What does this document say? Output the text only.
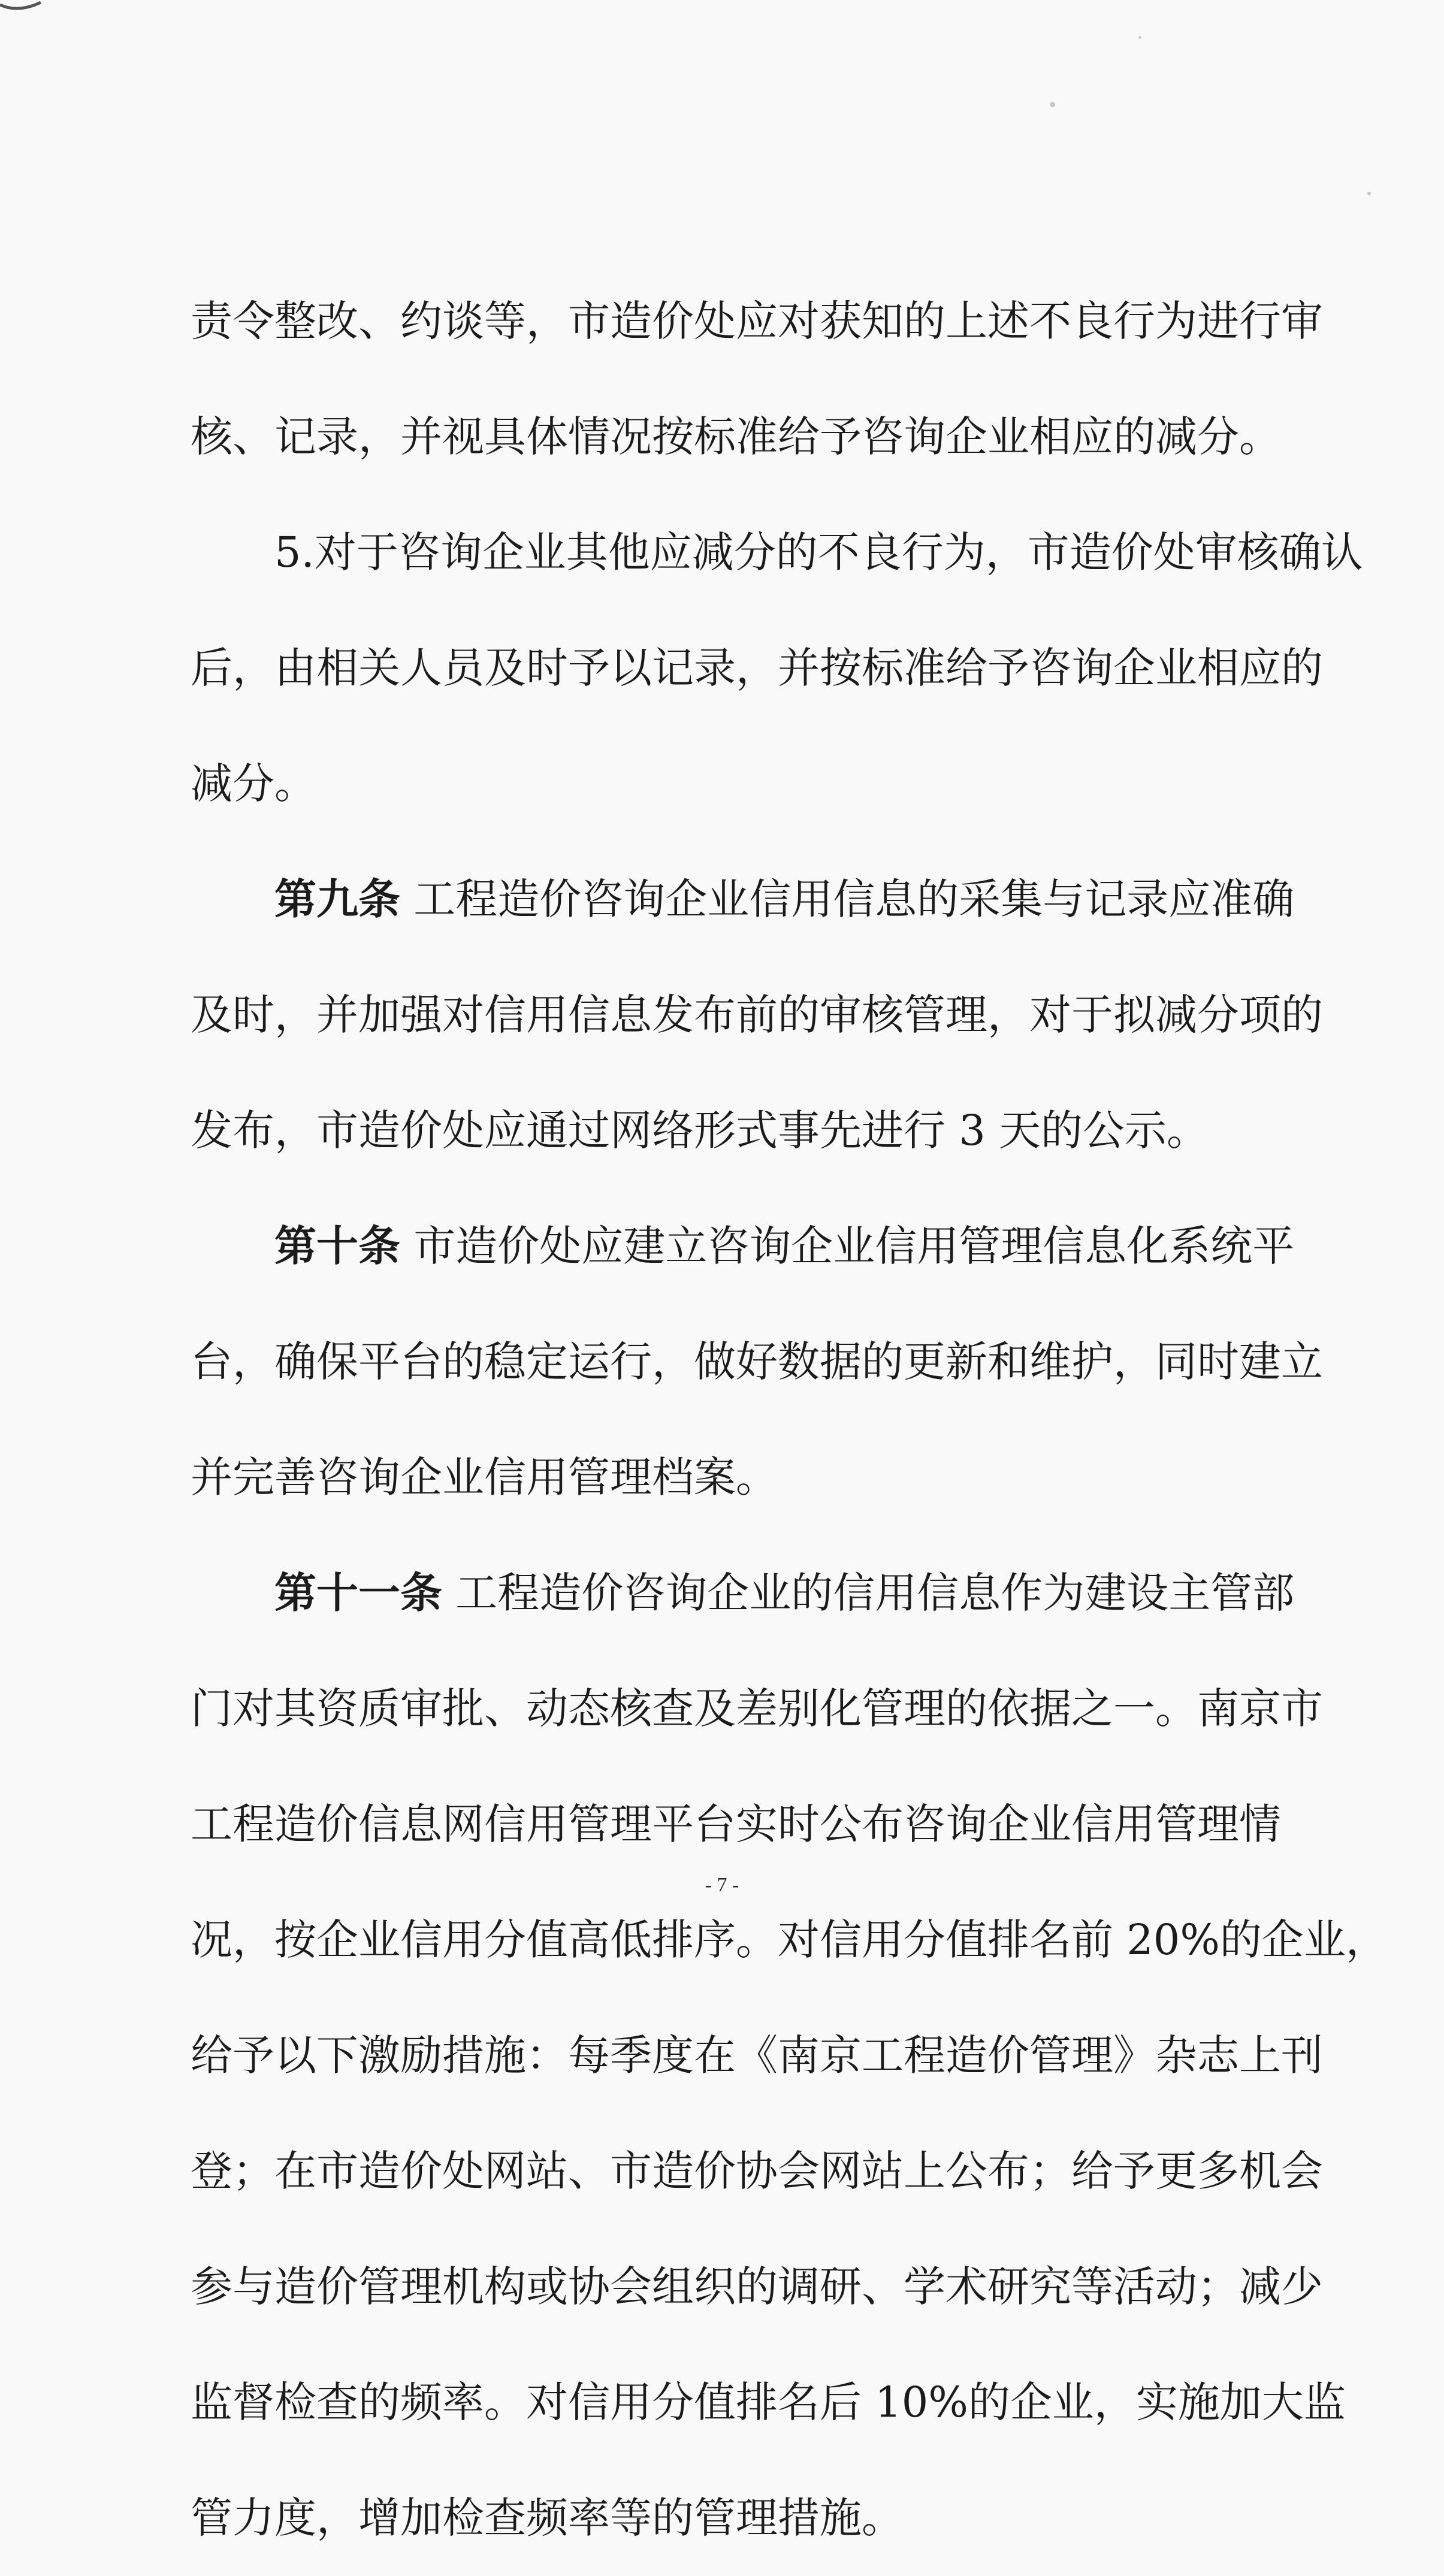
责令整改、约谈等，市造价处应对获知的上述不良行为进行审
核、记录，并视具体情况按标准给予咨询企业相应的减分。
5.对于咨询企业其他应减分的不良行为，市造价处审核确认
后，由相关人员及时予以记录，并按标准给予咨询企业相应的
减分。
第九条 工程造价咨询企业信用信息的采集与记录应准确
及时，并加强对信用信息发布前的审核管理，对于拟减分项的
发布，市造价处应通过网络形式事先进行 3 天的公示。
第十条 市造价处应建立咨询企业信用管理信息化系统平
台，确保平台的稳定运行，做好数据的更新和维护，同时建立
并完善咨询企业信用管理档案。
第十一条 工程造价咨询企业的信用信息作为建设主管部
门对其资质审批、动态核查及差别化管理的依据之一。南京市
工程造价信息网信用管理平台实时公布咨询企业信用管理情
况，按企业信用分值高低排序。对信用分值排名前 20%的企业，
给予以下激励措施：每季度在《南京工程造价管理》杂志上刊
登；在市造价处网站、市造价协会网站上公布；给予更多机会
参与造价管理机构或协会组织的调研、学术研究等活动；减少
监督检查的频率。对信用分值排名后 10%的企业，实施加大监
管力度，增加检查频率等的管理措施。
- 7 -
